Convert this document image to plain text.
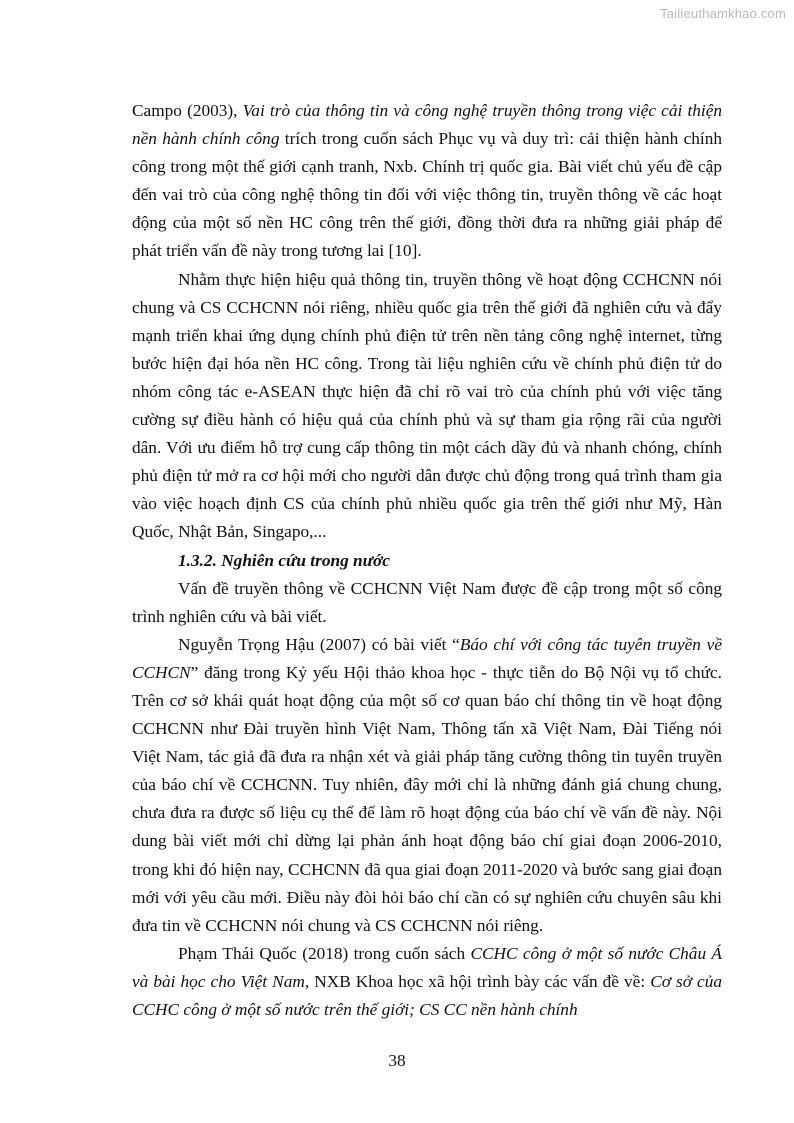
Tailieuthamkhao.com

Campo (2003), Vai trò của thông tin và công nghệ truyền thông trong việc cải thiện nền hành chính công trích trong cuốn sách Phục vụ và duy trì: cải thiện hành chính công trong một thế giới cạnh tranh, Nxb. Chính trị quốc gia. Bài viết chủ yếu đề cập đến vai trò của công nghệ thông tin đối với việc thông tin, truyền thông về các hoạt động của một số nền HC công trên thế giới, đồng thời đưa ra những giải pháp để phát triển vấn đề này trong tương lai [10].

Nhằm thực hiện hiệu quả thông tin, truyền thông về hoạt động CCHCNN nói chung và CS CCHCNN nói riêng, nhiều quốc gia trên thế giới đã nghiên cứu và đẩy mạnh triển khai ứng dụng chính phủ điện tử trên nền tảng công nghệ internet, từng bước hiện đại hóa nền HC công. Trong tài liệu nghiên cứu về chính phủ điện tử do nhóm công tác e-ASEAN thực hiện đã chỉ rõ vai trò của chính phủ với việc tăng cường sự điều hành có hiệu quả của chính phủ và sự tham gia rộng rãi của người dân. Với ưu điểm hỗ trợ cung cấp thông tin một cách dầy đủ và nhanh chóng, chính phủ điện tử mở ra cơ hội mới cho người dân được chủ động trong quá trình tham gia vào việc hoạch định CS của chính phủ nhiều quốc gia trên thế giới như Mỹ, Hàn Quốc, Nhật Bản, Singapo,...

1.3.2. Nghiên cứu trong nước

Vấn đề truyền thông về CCHCNN Việt Nam được đề cập trong một số công trình nghiên cứu và bài viết.

Nguyễn Trọng Hậu (2007) có bài viết “Báo chí với công tác tuyên truyền về CCHCN” đăng trong Kỷ yếu Hội thảo khoa học - thực tiễn do Bộ Nội vụ tổ chức. Trên cơ sở khái quát hoạt động của một số cơ quan báo chí thông tin về hoạt động CCHCNN như Đài truyền hình Việt Nam, Thông tấn xã Việt Nam, Đài Tiếng nói Việt Nam, tác giả đã đưa ra nhận xét và giải pháp tăng cường thông tin tuyên truyền của báo chí về CCHCNN. Tuy nhiên, đây mới chỉ là những đánh giá chung chung, chưa đưa ra được số liệu cụ thể để làm rõ hoạt động của báo chí về vấn đề này. Nội dung bài viết mới chỉ dừng lại phản ánh hoạt động báo chí giai đoạn 2006-2010, trong khi đó hiện nay, CCHCNN đã qua giai đoạn 2011-2020 và bước sang giai đoạn mới với yêu cầu mới. Điều này đòi hỏi báo chí cần có sự nghiên cứu chuyên sâu khi đưa tin về CCHCNN nói chung và CS CCHCNN nói riêng.

Phạm Thái Quốc (2018) trong cuốn sách CCHC công ở một số nước Châu Á và bài học cho Việt Nam, NXB Khoa học xã hội trình bày các vấn đề về: Cơ sở của CCHC công ở một số nước trên thế giới; CS CC nền hành chính

38
